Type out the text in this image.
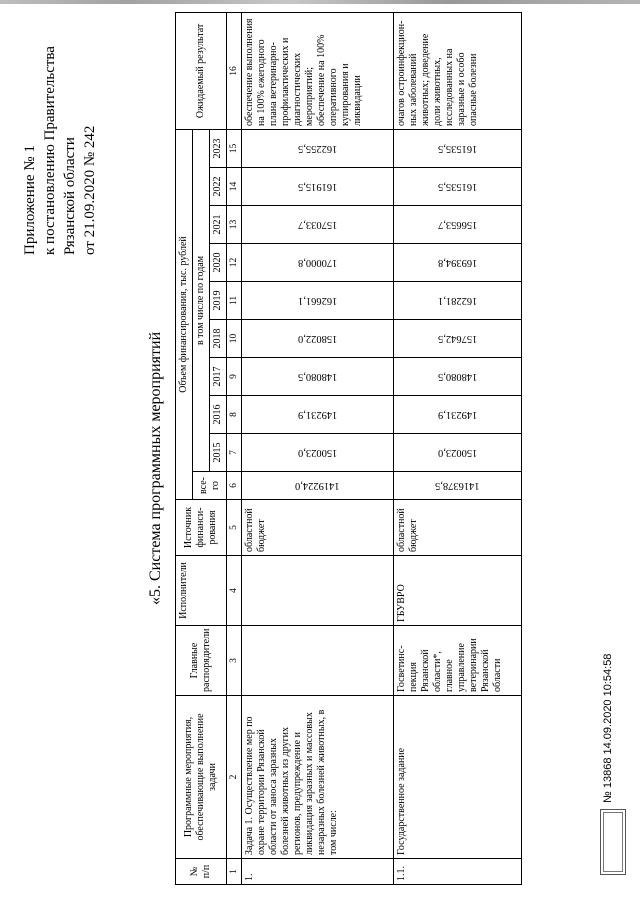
Приложение № 1 к постановлению Правительства Рязанской области от 21.09.2020 № 242
«5. Система программных мероприятий
№ п/п	Программные мероприятия, обеспечивающие выполнение задачи	Главные распорядители	Исполнители	Источник финанси-рования	Объем финансирования, тыс. рублей										Ожидаемый результат
					все-го	в том числе по годам									
						2015	2016	2017	2018	2019	2020	2021	2022	2023	
1	2	3	4	5	6	7	8	9	10	11	12	13	14	15	16
1.	Задача 1. Осуществление мер по охране территории Рязанской области от заноса заразных болезней животных из других регионов, предупреждение и ликвидация заразных и массовых незаразных болезней животных, в том числе:			областной бюджет	1419224,0	150023,0	149231,9	148080,5	158022,0	162661,1	170000,8	157033,7	161915,5	162255,5	обеспечение выполнения на 100% ежегодного плана ветеринарно-профилактических и диагностических мероприятий; обеспечение на 100% оперативного купирования и ликвидации
1.1.	Государственное задание	Госветинс-пекция Рязанской области*, главное управление ветеринарии Рязанской области	ГБУВРО	областной бюджет	1416378,5	150023,0	149231,9	148080,5	157642,5	162281,1	169394,8	156653,7	161535,5	161535,5	очагов остроинфекцион-ных заболеваний животных; доведение доли животных, исследованных на заразные и особо опасные болезни
№ 13868 14.09.2020 10:54:58
